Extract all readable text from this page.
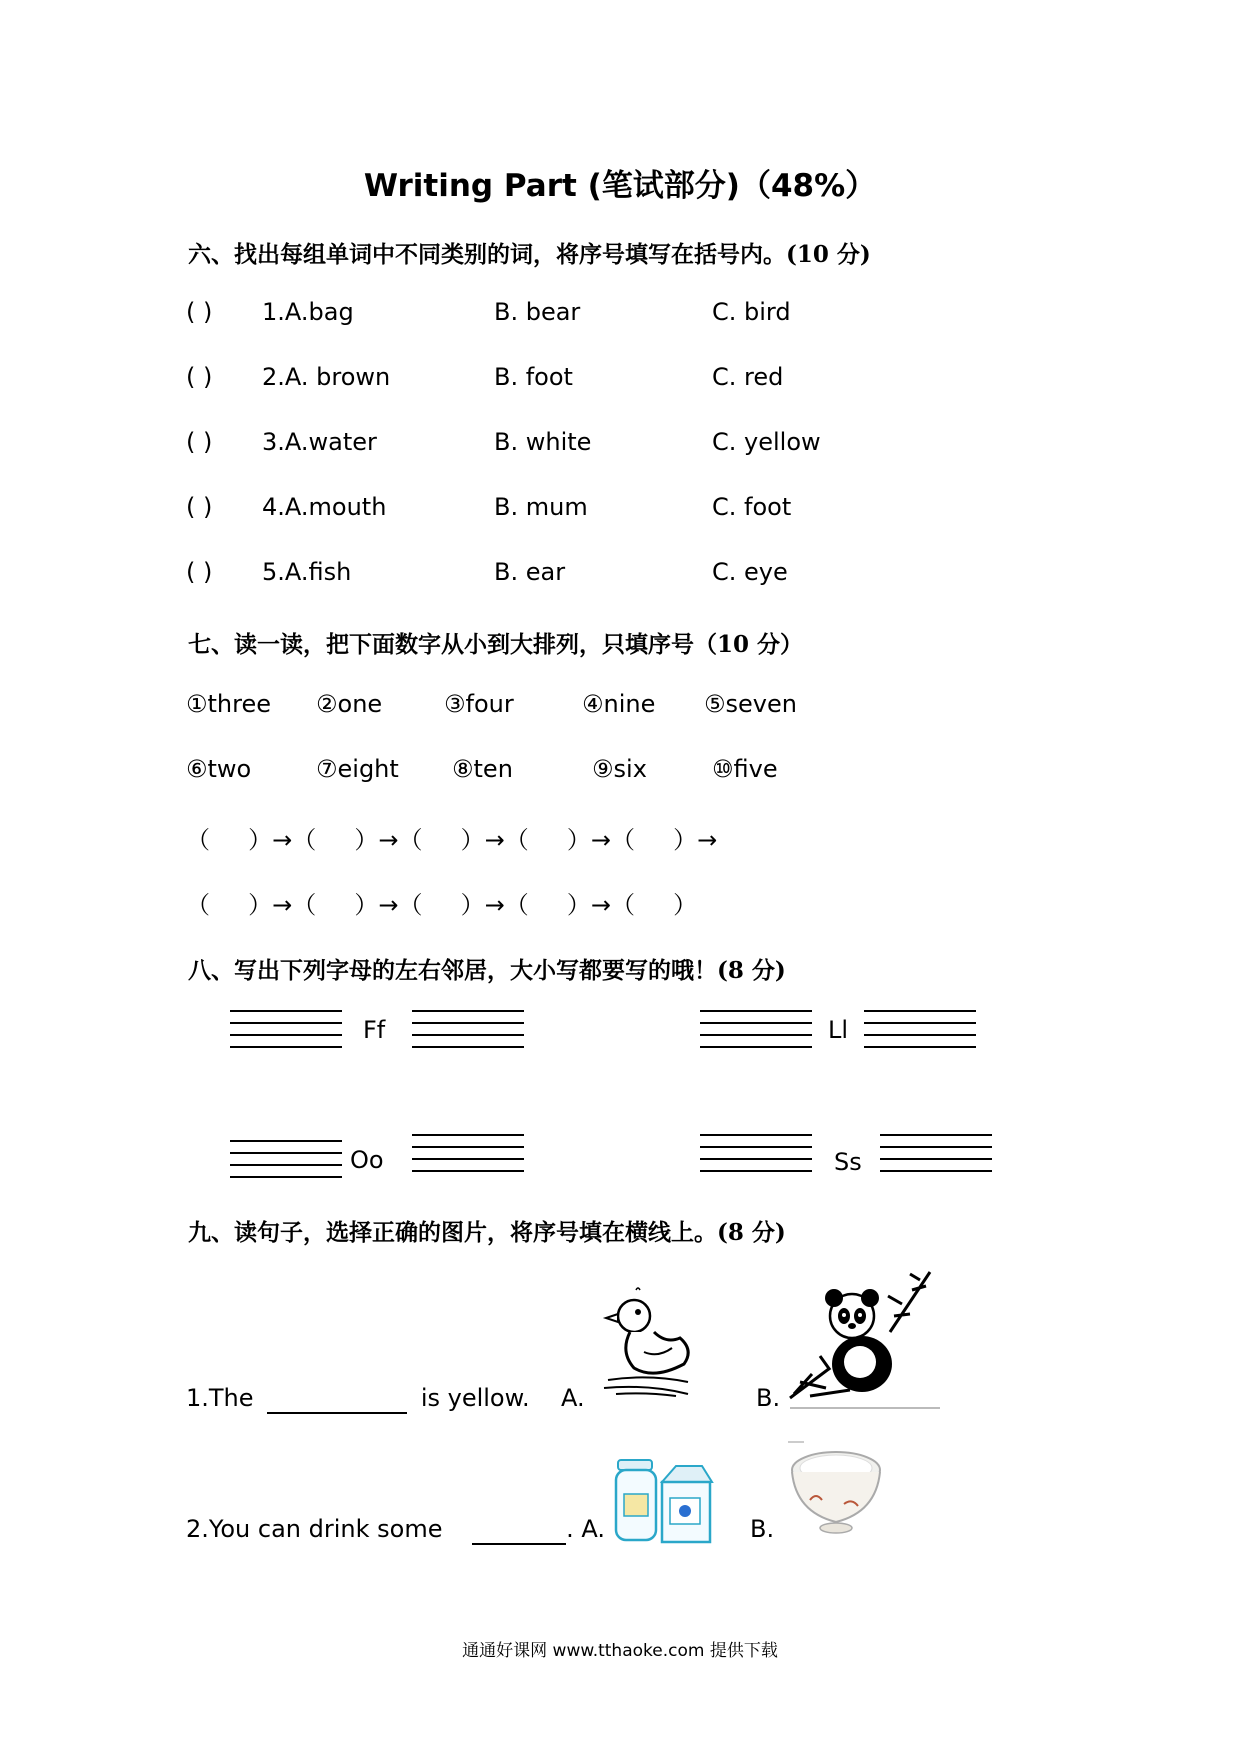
Writing Part (笔试部分)（48%）
六、找出每组单词中不同类别的词，将序号填写在括号内。(10 分)
( ) 1.A.bag	B. bear	C. bird
( ) 2.A. brown	B. foot	C. red
( ) 3.A.water	B. white	C. yellow
( ) 4.A.mouth	B. mum	C. foot
( ) 5.A.fish	B. ear	C. eye
七、读一读，把下面数字从小到大排列，只填序号（10 分）
①three ②one	③four	④nine ⑤seven
⑥two	⑦eight ⑧ten	⑨six	⑩five
（     ）→（     ）→（     ）→（     ）→（     ）→
（     ）→（     ）→（     ）→（     ）→（     ）
八、写出下列字母的左右邻居，大小写都要写的哦！(8 分)
Ff	Ll
Oo	Ss
九、读句子，选择正确的图片，将序号填在横线上。(8 分)
1.The	is yellow. A.	B.
2.You can drink some	. A.	B.
通通好课网 www.tthaoke.com 提供下载
